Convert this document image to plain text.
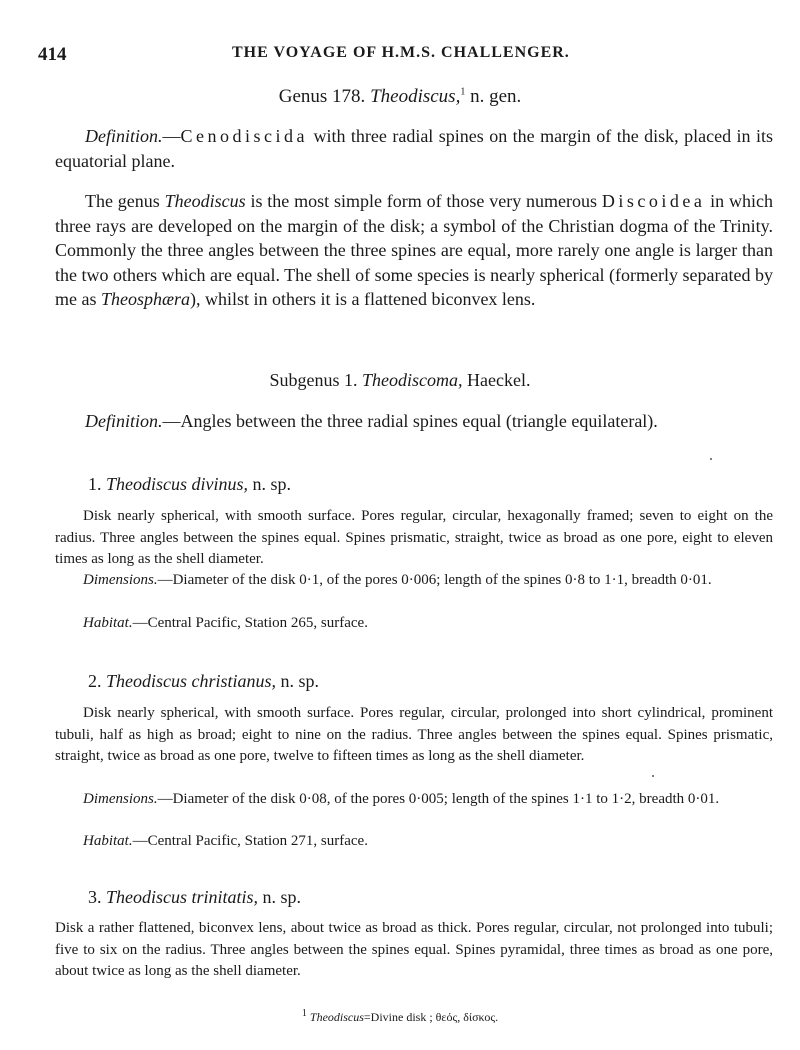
414	THE VOYAGE OF H.M.S. CHALLENGER.
Genus 178. Theodiscus,$^1$ n. gen.

Definition.—Cenodiscida with three radial spines on the margin of the disk, placed in its equatorial plane.

The genus Theodiscus is the most simple form of those very numerous Discoidea in which three rays are developed on the margin of the disk; a symbol of the Christian dogma of the Trinity. Commonly the three angles between the three spines are equal, more rarely one angle is larger than the two others which are equal. The shell of some species is nearly spherical (formerly separated by me as Theosphæra), whilst in others it is a flattened biconvex lens.

Subgenus 1. Theodiscoma, Haeckel.

Definition.—Angles between the three radial spines equal (triangle equilateral).

1. Theodiscus divinus, n. sp.

Disk nearly spherical, with smooth surface. Pores regular, circular, hexagonally framed; seven to eight on the radius. Three angles between the spines equal. Spines prismatic, straight, twice as broad as one pore, eight to eleven times as long as the shell diameter.

Dimensions.—Diameter of the disk 0·1, of the pores 0·006; length of the spines 0·8 to 1·1, breadth 0·01.

Habitat.—Central Pacific, Station 265, surface.

2. Theodiscus christianus, n. sp.

Disk nearly spherical, with smooth surface. Pores regular, circular, prolonged into short cylindrical, prominent tubuli, half as high as broad; eight to nine on the radius. Three angles between the spines equal. Spines prismatic, straight, twice as broad as one pore, twelve to fifteen times as long as the shell diameter.

Dimensions.—Diameter of the disk 0·08, of the pores 0·005; length of the spines 1·1 to 1·2, breadth 0·01.

Habitat.—Central Pacific, Station 271, surface.

3. Theodiscus trinitatis, n. sp.

Disk a rather flattened, biconvex lens, about twice as broad as thick. Pores regular, circular, not prolonged into tubuli; five to six on the radius. Three angles between the spines equal. Spines pyramidal, three times as broad as one pore, about twice as long as the shell diameter.

$^1$ Theodiscus=Divine disk ; θεός, δίσκος.
